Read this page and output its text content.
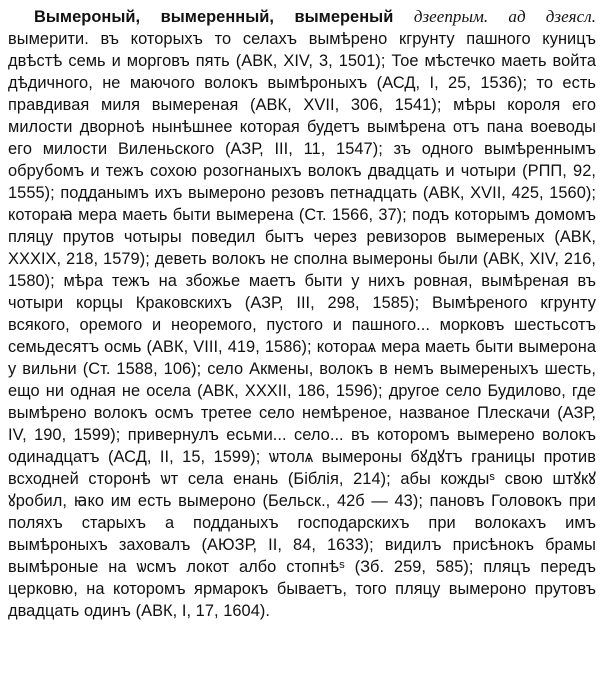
Вымероный, вымеренный, вымереный дзеепрым. ад дзеясл. вымерити. въ которыхъ то селахъ вымѣрено кгрунту пашного куницъ двѣстѣ семь и морговъ пять (АВК, XIV, 3, 1501); Тое мѣстечко маеть войта дѣдичного, не маючого волокъ вымѣроныхъ (АСД, I, 25, 1536); то есть правдивая миля вымереная (АВК, XVII, 306, 1541); мѣры короля его милости дворноѣ нынѣшнее которая будетъ вымѣрена отъ пана воеводы его милости Виленьского (АЗР, III, 11, 1547); зъ одного вымѣреннымъ обрубомъ и тежъ сохою розогнаныхъ волокъ двадцать и чотыри (РПП, 92, 1555); подданымъ ихъ вымероно резовъ петнадцать (АВК, XVII, 425, 1560); котораꙗ мера маеть быти вымерена (Ст. 1566, 37); подъ которымъ домомъ пляцу прутов чотыры поведил бытъ через ревизоров вымереных (АВК, XXXIX, 218, 1579); деветь волокъ не сполна вымероны были (АВК, XIV, 216, 1580); мѣра тежъ на збожье маетъ быти у нихъ ровная, вымѣреная въ чотыри корцы Краковскихъ (АЗР, III, 298, 1585); Вымѣреного кгрунту всякого, оремого и неоремого, пустого и пашного... морковъ шестьсотъ семьдесятъ осмь (АВК, VIII, 419, 1586); котораѧ мера маеть быти вымерона у вильни (Ст. 1588, 106); село Акмены, волокъ в немъ вымереныхъ шесть, ещо ни одная не осела (АВК, XXXII, 186, 1596); другое село Будилово, где вымѣрено волокъ осмъ третее село немѣреное, названое Плескачи (АЗР, IV, 190, 1599); привернулъ есьми... село... въ которомъ вымерено волокъ одинадцатъ (АСД, II, 15, 1599); ѡтолѧ вымероны бꙋдꙋтъ границы против всходней сторонѣ ѡт села енань (Біблія, 214); абы кождыˢ свою штꙋкꙋ ꙋробил, ꙗко им есть вымероно (Бельск., 42б — 43); пановъ Головокъ при поляхъ старыхъ а подданыхъ господарскихъ при волокахъ имъ вымѣроныхъ заховалъ (АЮЗР, II, 84, 1633); видилъ присѣнокъ брамы вымѣроные на ѡсмъ локот албо стопнѣˢ (Зб. 259, 585); пляцъ передъ церковю, на которомъ ярмарокъ бываетъ, того пляцу вымероно прутовъ двадцать одинъ (АВК, I, 17, 1604).
